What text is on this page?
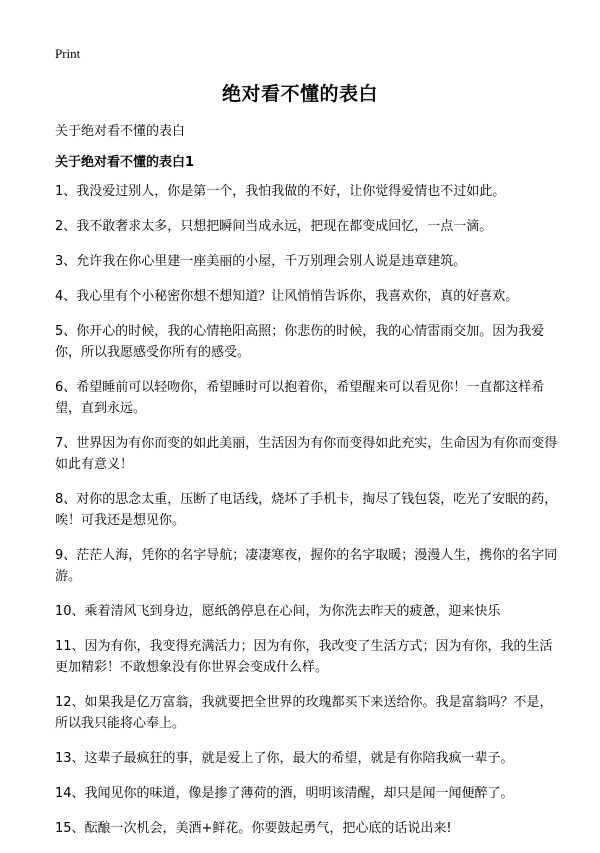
Print
绝对看不懂的表白
关于绝对看不懂的表白
关于绝对看不懂的表白1
1、我没爱过别人，你是第一个，我怕我做的不好，让你觉得爱情也不过如此。
2、我不敢奢求太多，只想把瞬间当成永远，把现在都变成回忆，一点一滴。
3、允许我在你心里建一座美丽的小屋，千万别理会别人说是违章建筑。
4、我心里有个小秘密你想不想知道？让风悄悄告诉你，我喜欢你，真的好喜欢。
5、你开心的时候，我的心情艳阳高照；你悲伤的时候，我的心情雷雨交加。因为我爱你，所以我愿感受你所有的感受。
6、希望睡前可以轻吻你，希望睡时可以抱着你，希望醒来可以看见你！一直都这样希望，直到永远。
7、世界因为有你而变的如此美丽，生活因为有你而变得如此充实，生命因为有你而变得如此有意义！
8、对你的思念太重，压断了电话线，烧坏了手机卡，掏尽了钱包袋，吃光了安眠的药，唉！可我还是想见你。
9、茫茫人海，凭你的名字导航；凄凄寒夜，握你的名字取暖；漫漫人生，携你的名字同游。
10、乘着清风飞到身边，愿纸鸽停息在心间，为你洗去昨天的疲惫，迎来快乐
11、因为有你，我变得充满活力；因为有你，我改变了生活方式；因为有你，我的生活更加精彩！不敢想象没有你世界会变成什么样。
12、如果我是亿万富翁，我就要把全世界的玫瑰都买下来送给你。我是富翁吗？不是，所以我只能将心奉上。
13、这辈子最疯狂的事，就是爱上了你，最大的希望，就是有你陪我疯一辈子。
14、我闻见你的味道，像是掺了薄荷的酒，明明该清醒，却只是闻一闻便醉了。
15、酝酿一次机会，美酒+鲜花。你要鼓起勇气，把心底的话说出来!
